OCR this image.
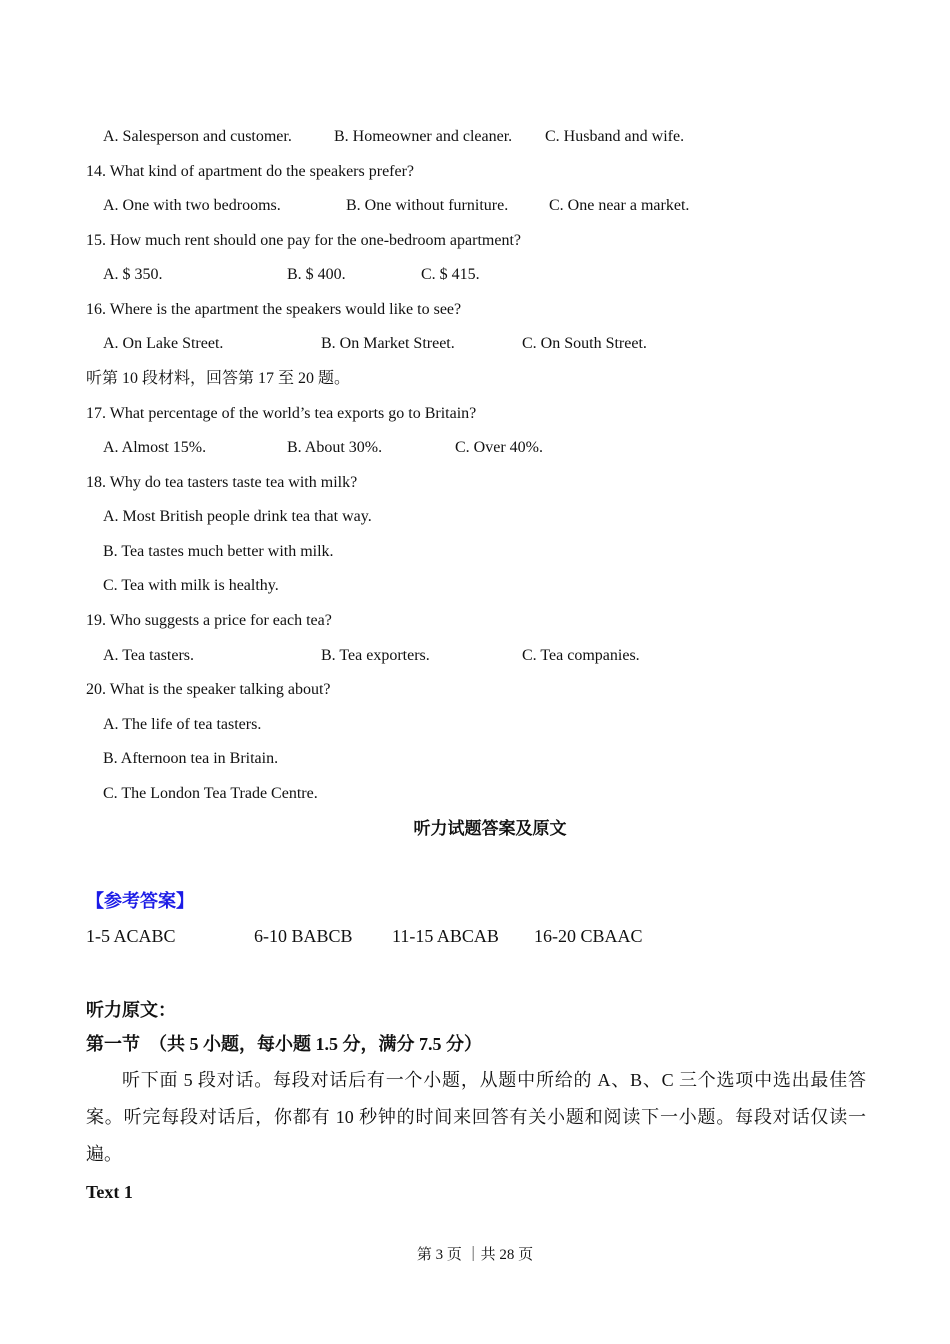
A. Salesperson and customer.	B. Homeowner and cleaner. C. Husband and wife.
14. What kind of apartment do the speakers prefer?
A. One with two bedrooms.	B. One without furniture.	C. One near a market.
15. How much rent should one pay for the one-bedroom apartment?
A. $ 350.	B. $ 400.	C. $ 415.
16. Where is the apartment the speakers would like to see?
A. On Lake Street.	B. On Market Street.	C. On South Street.
听第 10 段材料，回答第 17 至 20 题。
17. What percentage of the world’s tea exports go to Britain?
A. Almost 15%.	B. About 30%.	C. Over 40%.
18. Why do tea tasters taste tea with milk?
A. Most British people drink tea that way.
B. Tea tastes much better with milk.
C. Tea with milk is healthy.
19. Who suggests a price for each tea?
A. Tea tasters.	B. Tea exporters.	C. Tea companies.
20. What is the speaker talking about?
A. The life of tea tasters.
B. Afternoon tea in Britain.
C. The London Tea Trade Centre.
听力试题答案及原文
【参考答案】
1-5 ACABC	6-10 BABCB 11-15 ABCAB 16-20 CBAAC
听力原文：
第一节　（共 5 小题，每小题 1.5 分，满分 7.5 分）
听下面 5 段对话。每段对话后有一个小题，从题中所给的 A、B、C 三个选项中选出最佳答案。听完每段对话后，你都有 10 秒钟的时间来回答有关小题和阅读下一小题。每段对话仅读一遍。
Text 1
第 3 页 ｜共 28 页
